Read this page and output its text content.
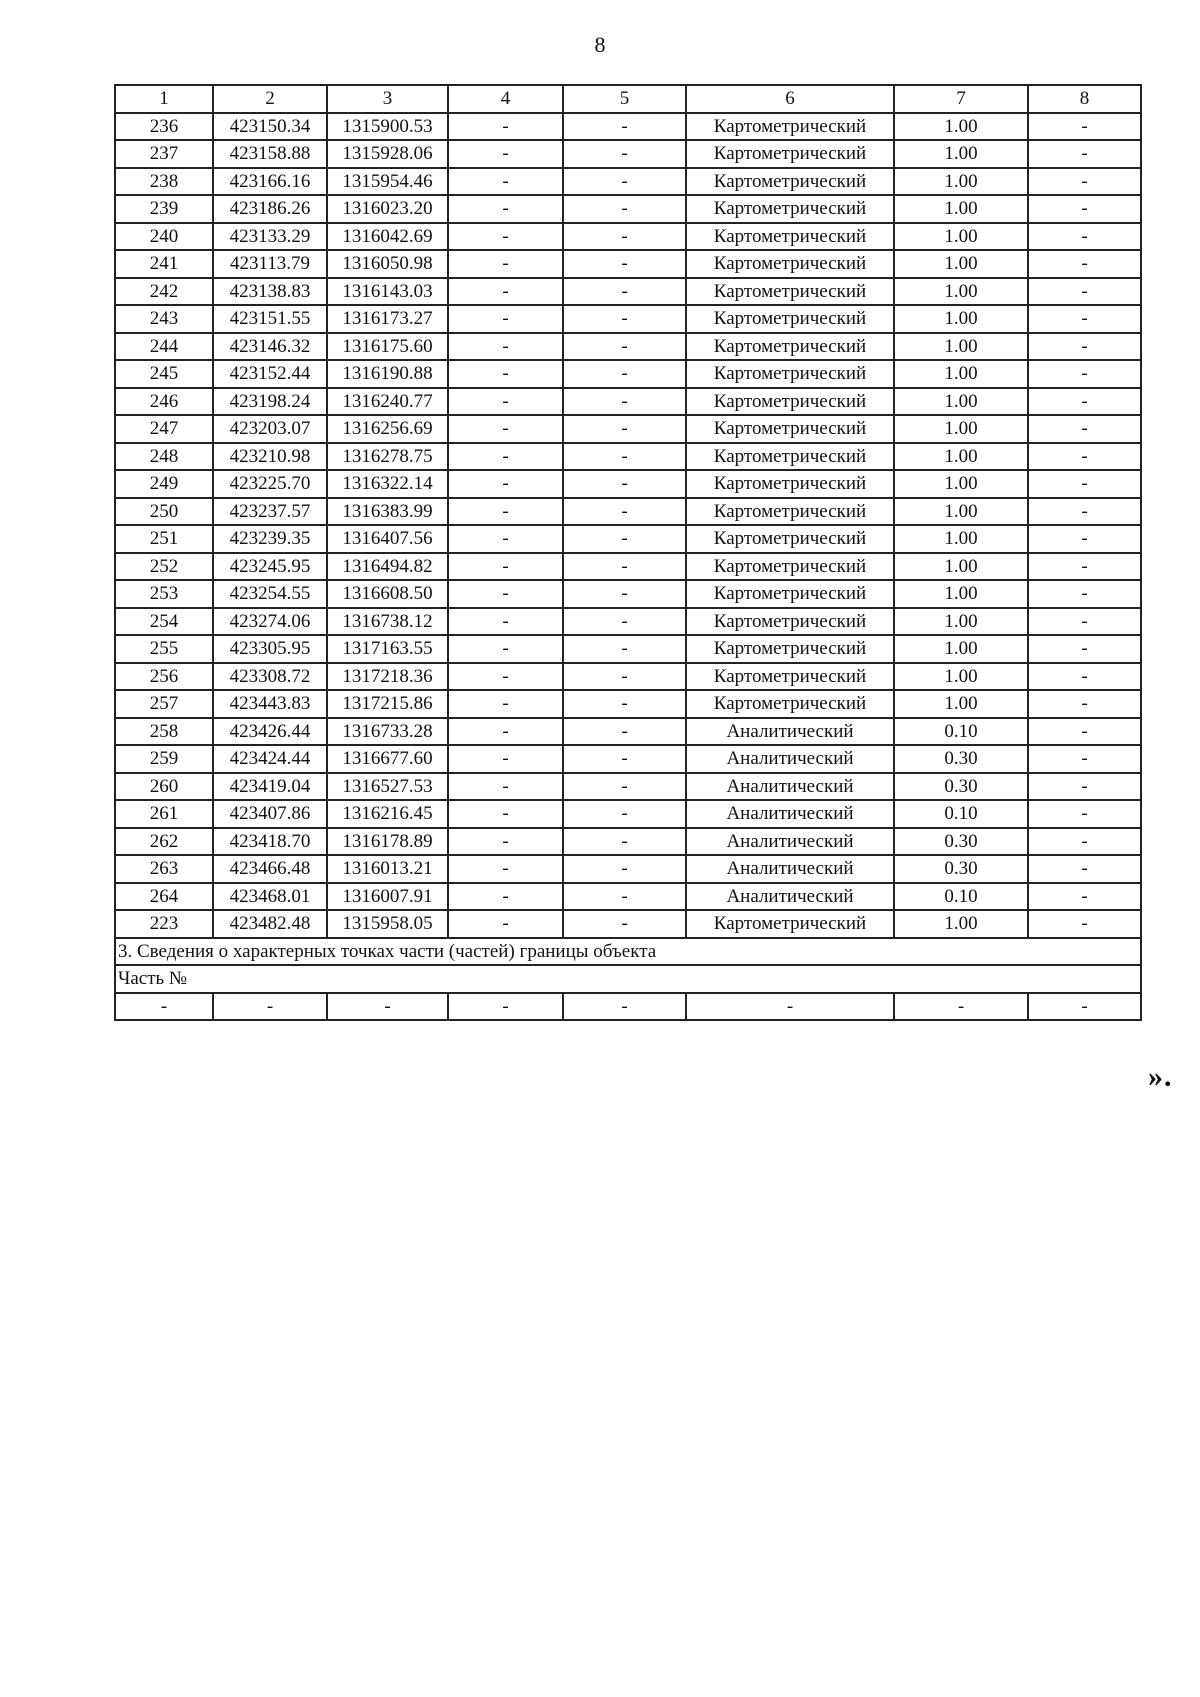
8
1	2	3	4	5	6	7	8
236	423150.34	1315900.53	-	-	Картометрический	1.00	-
237	423158.88	1315928.06	-	-	Картометрический	1.00	-
238	423166.16	1315954.46	-	-	Картометрический	1.00	-
239	423186.26	1316023.20	-	-	Картометрический	1.00	-
240	423133.29	1316042.69	-	-	Картометрический	1.00	-
241	423113.79	1316050.98	-	-	Картометрический	1.00	-
242	423138.83	1316143.03	-	-	Картометрический	1.00	-
243	423151.55	1316173.27	-	-	Картометрический	1.00	-
244	423146.32	1316175.60	-	-	Картометрический	1.00	-
245	423152.44	1316190.88	-	-	Картометрический	1.00	-
246	423198.24	1316240.77	-	-	Картометрический	1.00	-
247	423203.07	1316256.69	-	-	Картометрический	1.00	-
248	423210.98	1316278.75	-	-	Картометрический	1.00	-
249	423225.70	1316322.14	-	-	Картометрический	1.00	-
250	423237.57	1316383.99	-	-	Картометрический	1.00	-
251	423239.35	1316407.56	-	-	Картометрический	1.00	-
252	423245.95	1316494.82	-	-	Картометрический	1.00	-
253	423254.55	1316608.50	-	-	Картометрический	1.00	-
254	423274.06	1316738.12	-	-	Картометрический	1.00	-
255	423305.95	1317163.55	-	-	Картометрический	1.00	-
256	423308.72	1317218.36	-	-	Картометрический	1.00	-
257	423443.83	1317215.86	-	-	Картометрический	1.00	-
258	423426.44	1316733.28	-	-	Аналитический	0.10	-
259	423424.44	1316677.60	-	-	Аналитический	0.30	-
260	423419.04	1316527.53	-	-	Аналитический	0.30	-
261	423407.86	1316216.45	-	-	Аналитический	0.10	-
262	423418.70	1316178.89	-	-	Аналитический	0.30	-
263	423466.48	1316013.21	-	-	Аналитический	0.30	-
264	423468.01	1316007.91	-	-	Аналитический	0.10	-
223	423482.48	1315958.05	-	-	Картометрический	1.00	-
3. Сведения о характерных точках части (частей) границы объекта							
Часть №							
-	-	-	-	-	-	-	-
».
